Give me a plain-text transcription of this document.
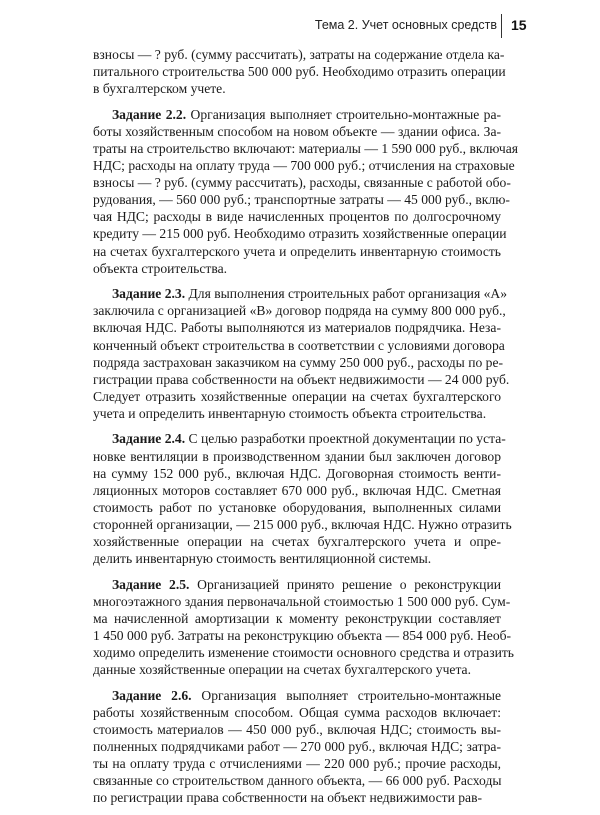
Тема 2. Учет основных средств 15
взносы — ? руб. (сумму рассчитать), затраты на содержание отдела ка-
питального строительства 500 000 руб. Необходимо отразить операции
в бухгалтерском учете.
Задание 2.2. Организация выполняет строительно-монтажные ра-
боты хозяйственным способом на новом объекте — здании офиса. За-
траты на строительство включают: материалы — 1 590 000 руб., включая
НДС; расходы на оплату труда — 700 000 руб.; отчисления на страховые
взносы — ? руб. (сумму рассчитать), расходы, связанные с работой обо-
рудования, — 560 000 руб.; транспортные затраты — 45 000 руб., вклю-
чая НДС; расходы в виде начисленных процентов по долгосрочному
кредиту — 215 000 руб. Необходимо отразить хозяйственные операции
на счетах бухгалтерского учета и определить инвентарную стоимость
объекта строительства.
Задание 2.3. Для выполнения строительных работ организация «А»
заключила с организацией «В» договор подряда на сумму 800 000 руб.,
включая НДС. Работы выполняются из материалов подрядчика. Неза-
конченный объект строительства в соответствии с условиями договора
подряда застрахован заказчиком на сумму 250 000 руб., расходы по ре-
гистрации права собственности на объект недвижимости — 24 000 руб.
Следует отразить хозяйственные операции на счетах бухгалтерского
учета и определить инвентарную стоимость объекта строительства.
Задание 2.4. С целью разработки проектной документации по уста-
новке вентиляции в производственном здании был заключен договор
на сумму 152 000 руб., включая НДС. Договорная стоимость венти-
ляционных моторов составляет 670 000 руб., включая НДС. Сметная
стоимость работ по установке оборудования, выполненных силами
сторонней организации, — 215 000 руб., включая НДС. Нужно отразить
хозяйственные операции на счетах бухгалтерского учета и опре-
делить инвентарную стоимость вентиляционной системы.
Задание 2.5. Организацией принято решение о реконструкции
многоэтажного здания первоначальной стоимостью 1 500 000 руб. Сум-
ма начисленной амортизации к моменту реконструкции составляет
1 450 000 руб. Затраты на реконструкцию объекта — 854 000 руб. Необ-
ходимо определить изменение стоимости основного средства и отразить
данные хозяйственные операции на счетах бухгалтерского учета.
Задание 2.6. Организация выполняет строительно-монтажные
работы хозяйственным способом. Общая сумма расходов включает:
стоимость материалов — 450 000 руб., включая НДС; стоимость вы-
полненных подрядчиками работ — 270 000 руб., включая НДС; затра-
ты на оплату труда с отчислениями — 220 000 руб.; прочие расходы,
связанные со строительством данного объекта, — 66 000 руб. Расходы
по регистрации права собственности на объект недвижимости рав-
